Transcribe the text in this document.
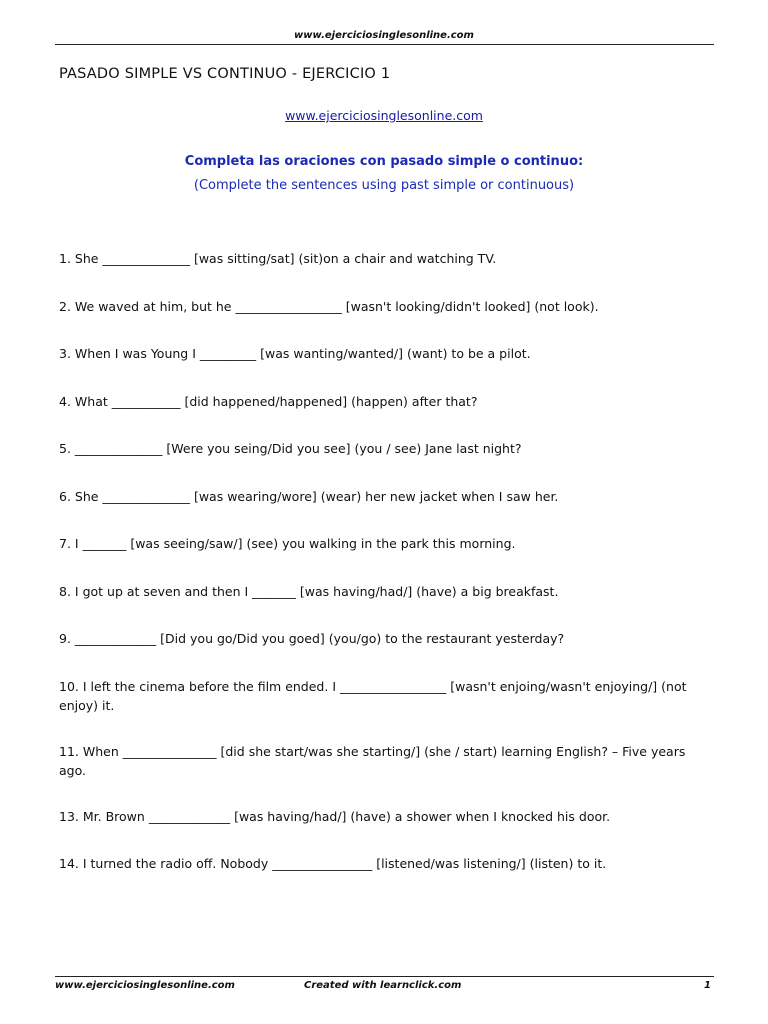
www.ejerciciosinglesonline.com
PASADO SIMPLE VS CONTINUO - EJERCICIO 1
www.ejerciciosinglesonline.com
Completa las oraciones con pasado simple o continuo:
(Complete the sentences using past simple or continuous)
1. She ______________ [was sitting/sat] (sit)on a chair and watching TV.
2. We waved at him, but he _________________ [wasn't looking/didn't looked] (not look).
3. When I was Young I _________ [was wanting/wanted/] (want) to be a pilot.
4. What ___________ [did happened/happened] (happen) after that?
5. ______________ [Were you seing/Did you see] (you / see) Jane last night?
6. She ______________ [was wearing/wore] (wear) her new jacket when I saw her.
7. I _______ [was seeing/saw/] (see) you walking in the park this morning.
8. I got up at seven and then I _______ [was having/had/] (have) a big breakfast.
9. _____________ [Did you go/Did you goed] (you/go) to the restaurant yesterday?
10. I left the cinema before the film ended. I _________________ [wasn't enjoing/wasn't enjoying/] (not enjoy) it.
11. When _______________ [did she start/was she starting/] (she / start) learning English? – Five years ago.
13. Mr. Brown _____________ [was having/had/] (have) a shower when I knocked his door.
14. I turned the radio off. Nobody ________________ [listened/was listening/] (listen) to it.
www.ejerciciosinglesonline.com	Created with learnclick.com	1
